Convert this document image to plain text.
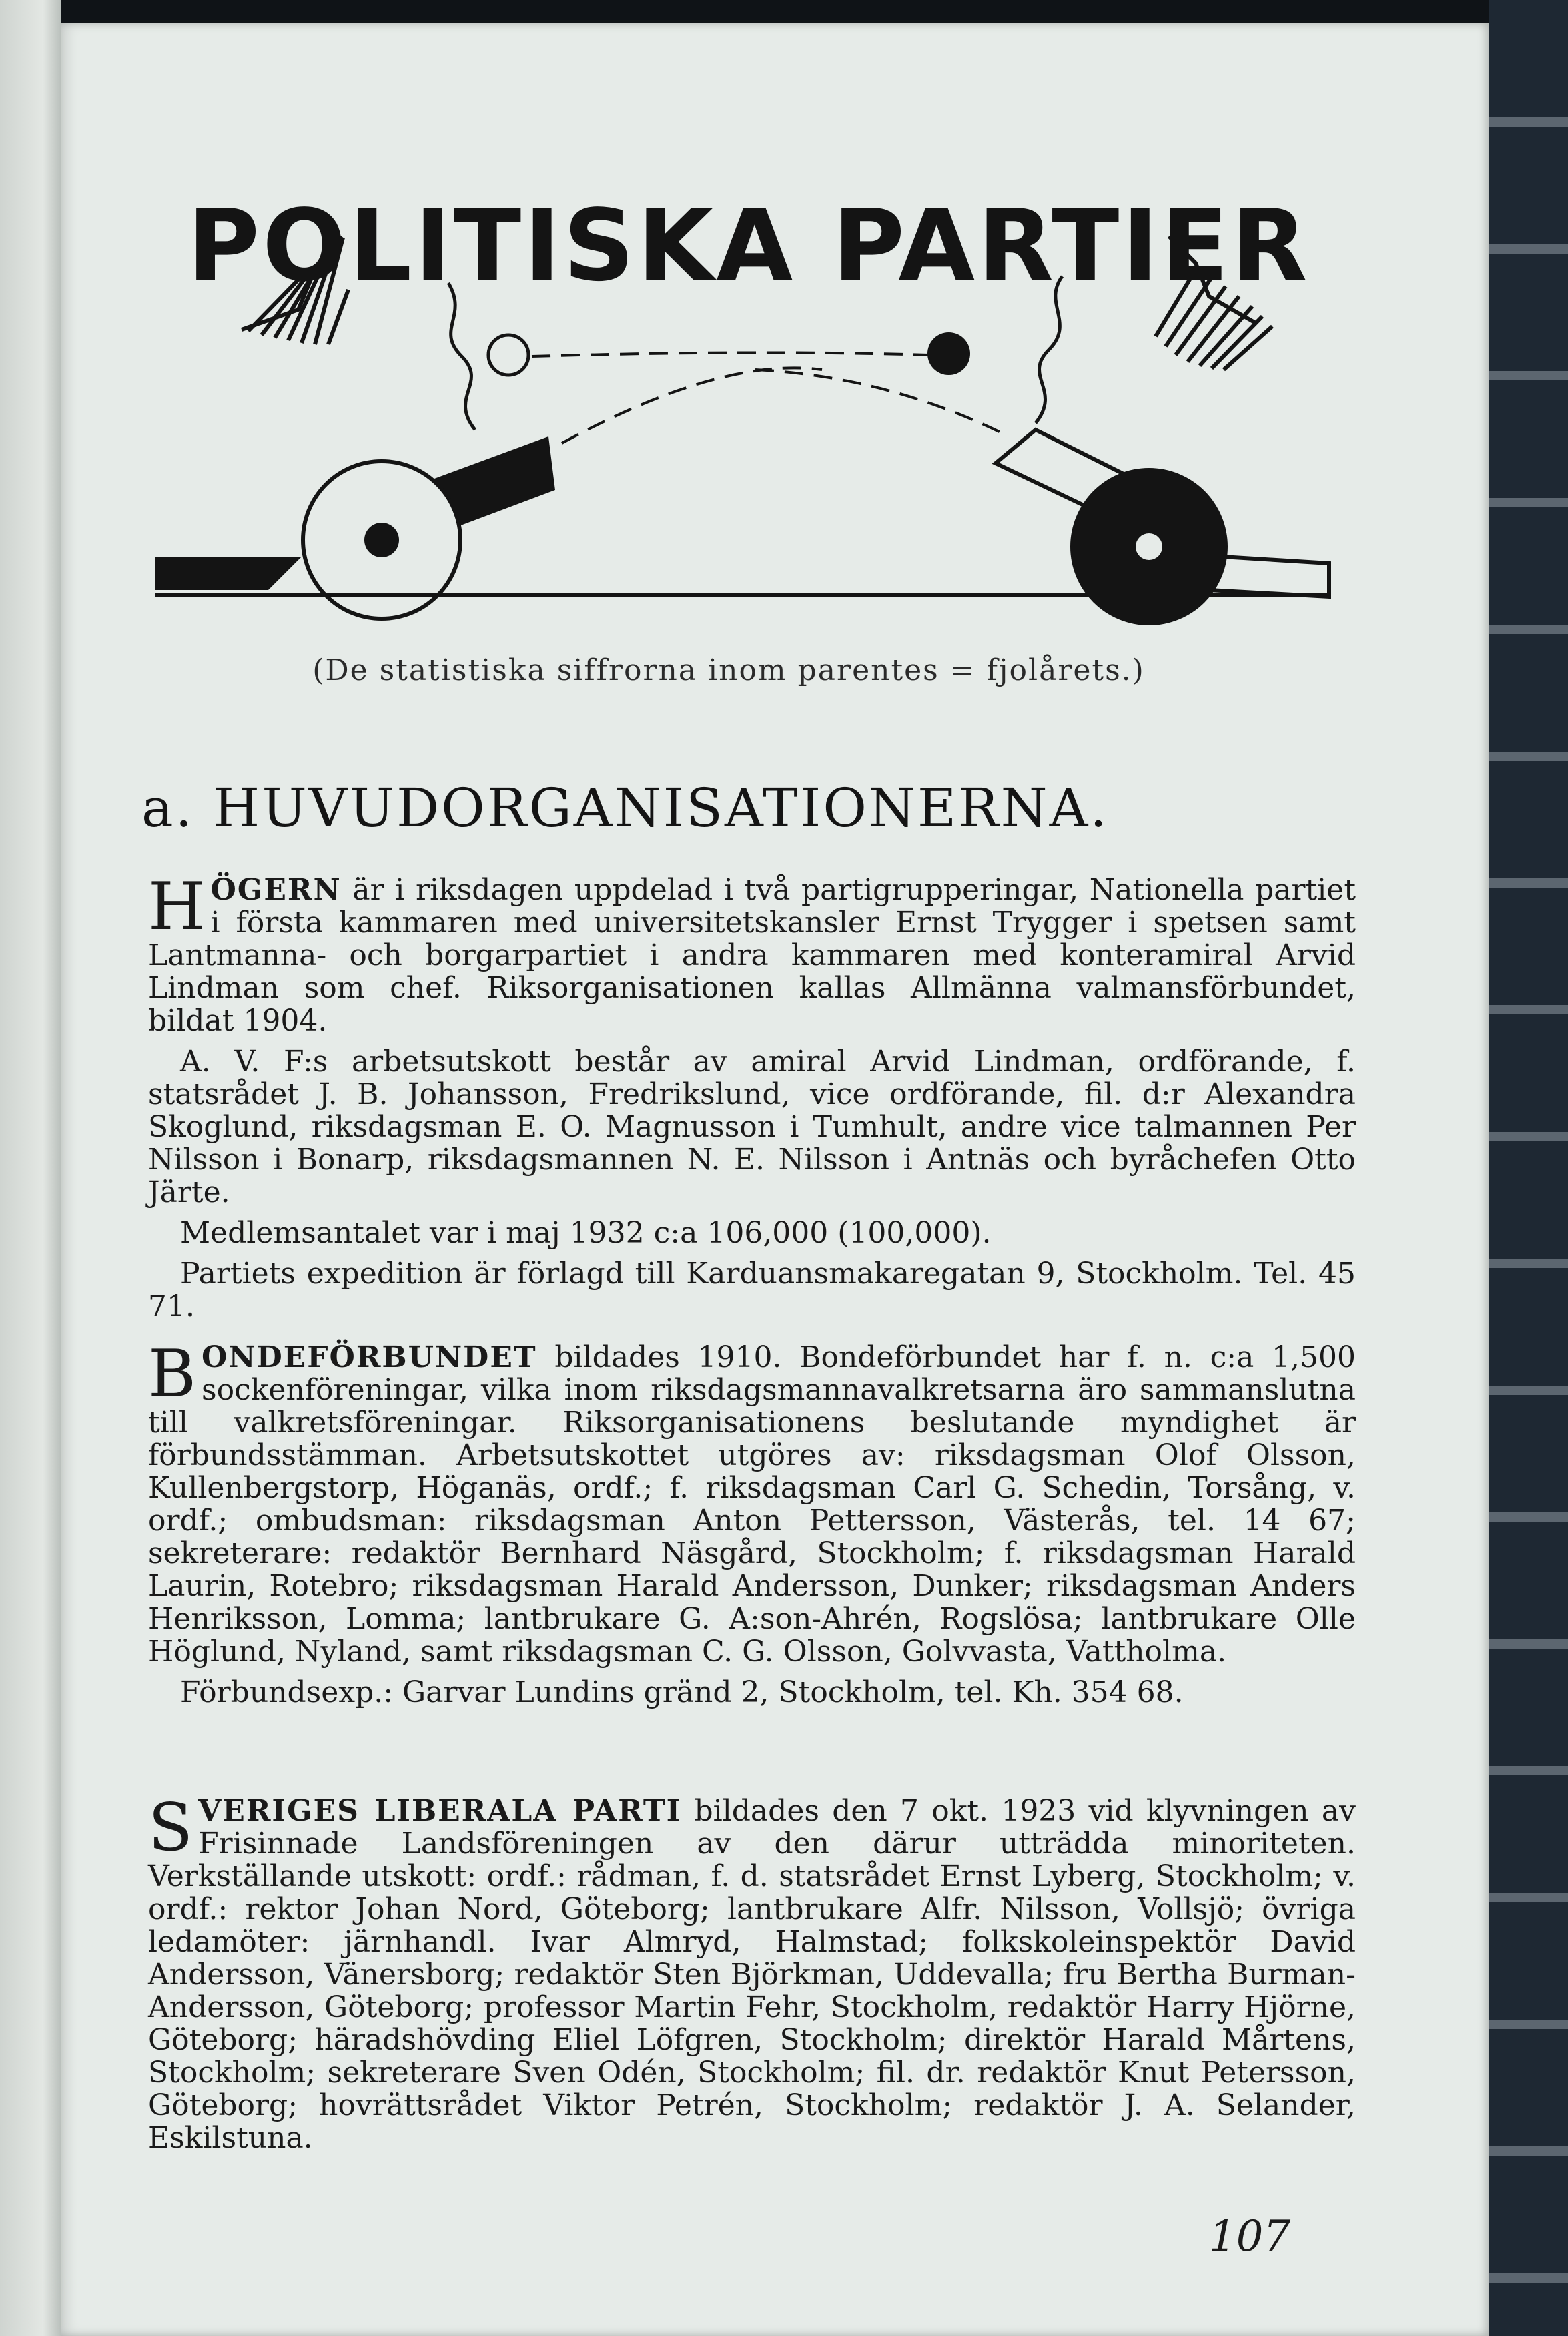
POLITISKA PARTIER
(De statistiska siffrorna inom parentes = fjolårets.)
a. HUVUDORGANISATIONERNA.

HÖGERN är i riksdagen uppdelad i två partigrupperingar, Nationella partiet i första kammaren med universitetskansler Ernst Trygger i spetsen samt Lantmanna- och borgarpartiet i andra kammaren med konteramiral Arvid Lindman som chef. Riksorganisationen kallas Allmänna valmansförbundet, bildat 1904.

A. V. F:s arbetsutskott består av amiral Arvid Lindman, ordförande, f. statsrådet J. B. Johansson, Fredrikslund, vice ordförande, fil. d:r Alexandra Skoglund, riksdagsman E. O. Magnusson i Tumhult, andre vice talmannen Per Nilsson i Bonarp, riksdagsmannen N. E. Nilsson i Antnäs och byråchefen Otto Järte.

Medlemsantalet var i maj 1932 c:a 106,000 (100,000).

Partiets expedition är förlagd till Karduansmakaregatan 9, Stockholm. Tel. 45 71.

BONDEFÖRBUNDET bildades 1910. Bondeförbundet har f. n. c:a 1,500 sockenföreningar, vilka inom riksdagsmannavalkretsarna äro sammanslutna till valkretsföreningar. Riksorganisationens beslutande myndighet är förbundsstämman. Arbetsutskottet utgöres av: riksdagsman Olof Olsson, Kullenbergstorp, Höganäs, ordf.; f. riksdagsman Carl G. Schedin, Torsång, v. ordf.; ombudsman: riksdagsman Anton Pettersson, Västerås, tel. 14 67; sekreterare: redaktör Bernhard Näsgård, Stockholm; f. riksdagsman Harald Laurin, Rotebro; riksdagsman Harald Andersson, Dunker; riksdagsman Anders Henriksson, Lomma; lantbrukare G. A:son-Ahrén, Rogslösa; lantbrukare Olle Höglund, Nyland, samt riksdagsman C. G. Olsson, Golvvasta, Vattholma.

Förbundsexp.: Garvar Lundins gränd 2, Stockholm, tel. Kh. 354 68.

SVERIGES LIBERALA PARTI bildades den 7 okt. 1923 vid klyvningen av Frisinnade Landsföreningen av den därur utträdda minoriteten. Verkställande utskott: ordf.: rådman, f. d. statsrådet Ernst Lyberg, Stockholm; v. ordf.: rektor Johan Nord, Göteborg; lantbrukare Alfr. Nilsson, Vollsjö; övriga ledamöter: järnhandl. Ivar Almryd, Halmstad; folkskoleinspektör David Andersson, Vänersborg; redaktör Sten Björkman, Uddevalla; fru Bertha Burman-Andersson, Göteborg; professor Martin Fehr, Stockholm, redaktör Harry Hjörne, Göteborg; häradshövding Eliel Löfgren, Stockholm; direktör Harald Mårtens, Stockholm; sekreterare Sven Odén, Stockholm; fil. dr. redaktör Knut Petersson, Göteborg; hovrättsrådet Viktor Petrén, Stockholm; redaktör J. A. Selander, Eskilstuna.

107
